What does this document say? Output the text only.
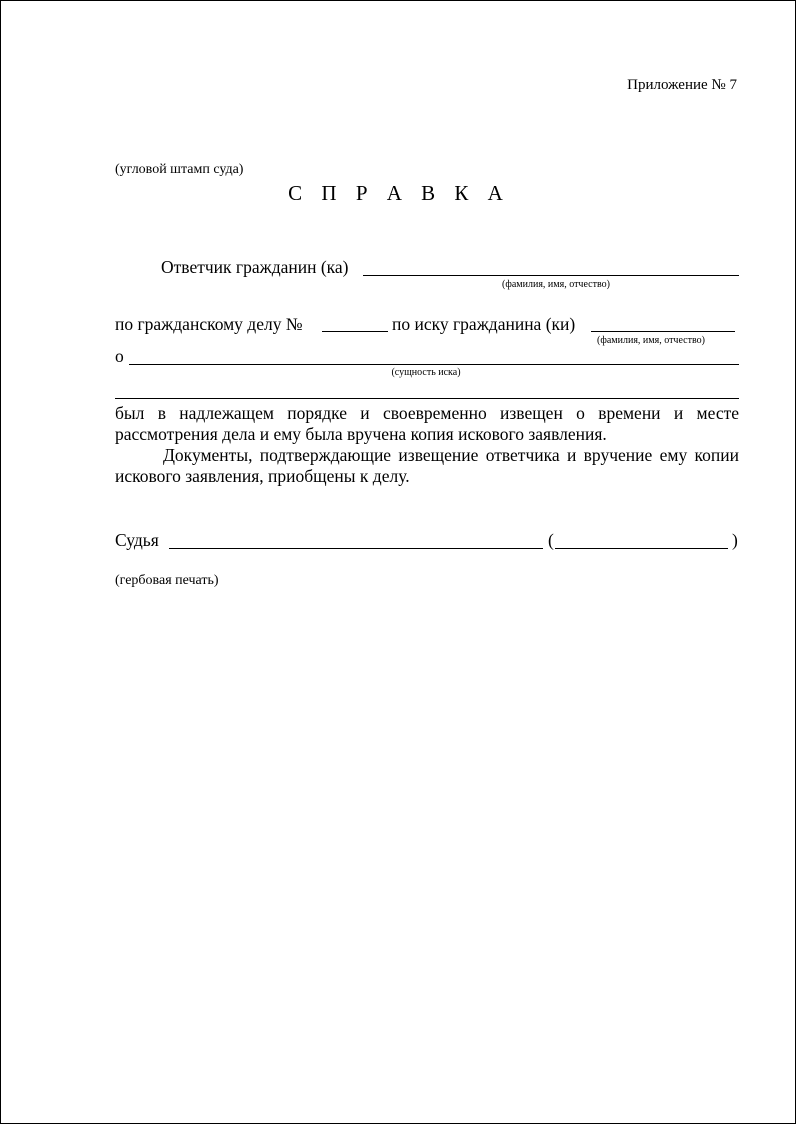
Приложение № 7
(угловой штамп суда)
С П Р А В К А
Ответчик гражданин (ка)
(фамилия, имя, отчество)
по гражданскому делу №	по иску гражданина (ки)
(фамилия, имя, отчество)
о
(сущность иска)
был в надлежащем порядке и своевременно извещен о времени и месте рассмотрения дела и ему была вручена копия искового заявления.
Документы, подтверждающие извещение ответчика и вручение ему копии искового заявления, приобщены к делу.
Судья	(	)
(гербовая печать)
